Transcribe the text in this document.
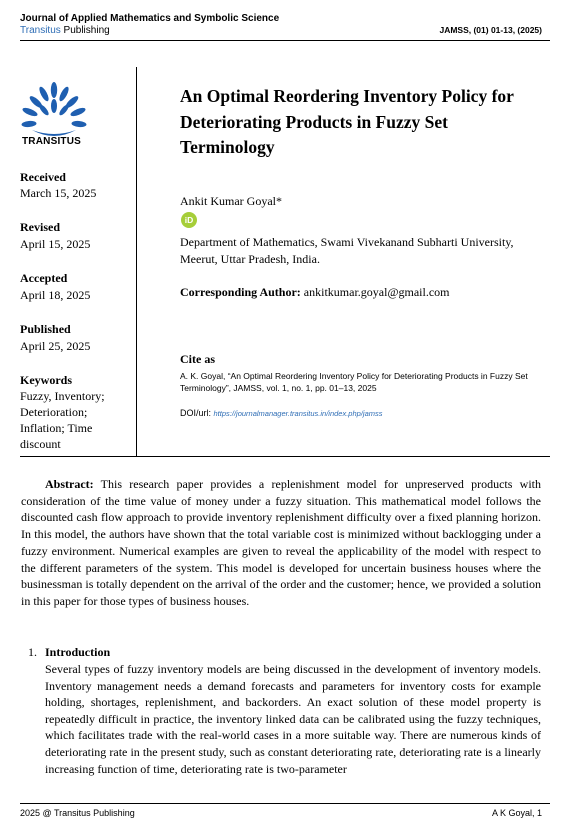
Journal of Applied Mathematics and Symbolic Science
Transitus Publishing	JAMSS, (01) 01-13, (2025)
TRANSITUS
Received
March 15, 2025
Revised
April 15, 2025
Accepted
April 18, 2025
Published
April 25, 2025
Keywords
Fuzzy, Inventory; Deterioration; Inflation; Time discount
An Optimal Reordering Inventory Policy for Deteriorating Products in Fuzzy Set Terminology
Ankit Kumar Goyal*
iD
Department of Mathematics, Swami Vivekanand Subharti University, Meerut, Uttar Pradesh, India.
Corresponding Author: ankitkumar.goyal@gmail.com
Cite as
A. K. Goyal, “An Optimal Reordering Inventory Policy for Deteriorating Products in Fuzzy Set Terminology”, JAMSS, vol. 1, no. 1, pp. 01–13, 2025
DOI/url: https://journalmanager.transitus.in/index.php/jamss
Abstract: This research paper provides a replenishment model for unpreserved products with consideration of the time value of money under a fuzzy situation. This mathematical model follows the discounted cash flow approach to provide inventory replenishment difficulty over a fixed planning horizon. In this model, the authors have shown that the total variable cost is minimized without backlogging under a fuzzy environment. Numerical examples are given to reveal the applicability of the model with respect to the different parameters of the system. This model is developed for uncertain business houses where the businessman is totally dependent on the arrival of the order and the customer; hence, we provided a solution in this paper for those types of business houses.
1. Introduction
Several types of fuzzy inventory models are being discussed in the development of inventory models. Inventory management needs a demand forecasts and parameters for inventory costs for example holding, shortages, replenishment, and backorders. An exact solution of these model property is repeatedly difficult in practice, the inventory linked data can be calibrated using the fuzzy techniques, which facilitates trade with the real-world cases in a more suitable way. There are numerous kinds of deteriorating rate in the present study, such as constant deteriorating rate, deteriorating rate is a linearly increasing function of time, deteriorating rate is two-parameter
2025 @ Transitus Publishing	A K Goyal, 1
